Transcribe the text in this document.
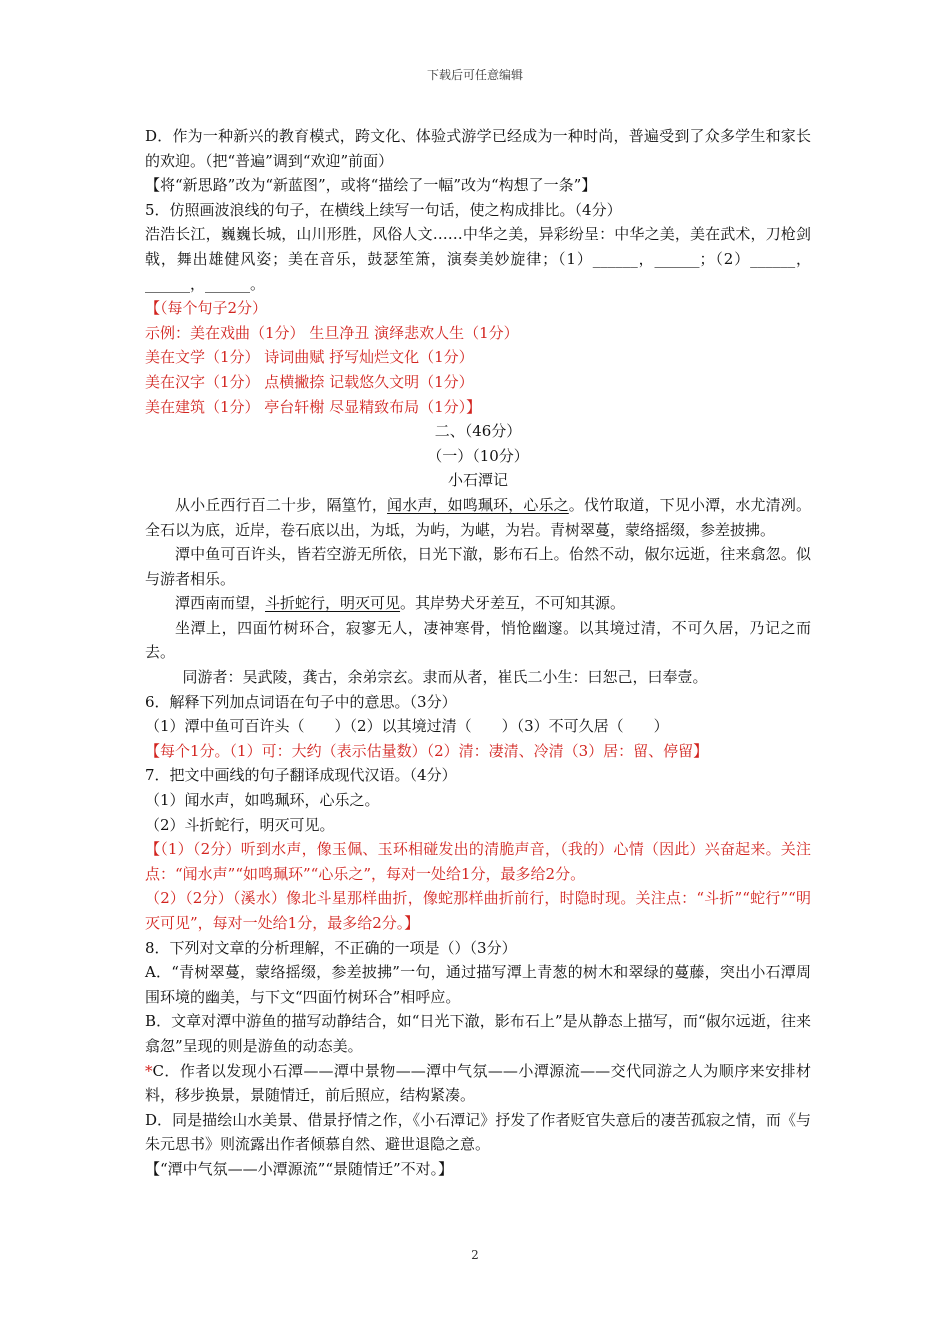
下载后可任意编辑

D．作为一种新兴的教育模式，跨文化、体验式游学已经成为一种时尚，普遍受到了众多学生和家长的欢迎。（把“普遍”调到“欢迎”前面）

【将“新思路”改为“新蓝图”，或将“描绘了一幅”改为“构想了一条”】

5．仿照画波浪线的句子，在横线上续写一句话，使之构成排比。（4分）

浩浩长江，巍巍长城，山川形胜，风俗人文……中华之美，异彩纷呈：中华之美，美在武术，刀枪剑戟，舞出雄健风姿；美在音乐，鼓瑟笙箫，演奏美妙旋律；（1）______，______；（2）______，______，______。

【（每个句子2分）

示例：美在戏曲（1分） 生旦净丑 演绎悲欢人生（1分）

美在文学（1分） 诗词曲赋 抒写灿烂文化（1分）

美在汉字（1分） 点横撇捺 记载悠久文明（1分）

美在建筑（1分） 亭台轩榭 尽显精致布局（1分）】

二、（46分）

（一）（10分）

小石潭记

从小丘西行百二十步，隔篁竹，闻水声，如鸣珮环，心乐之。伐竹取道，下见小潭，水尤清冽。全石以为底，近岸，卷石底以出，为坻，为屿，为嵁，为岩。青树翠蔓，蒙络摇缀，参差披拂。

潭中鱼可百许头，皆若空游无所依，日光下澈，影布石上。佁然不动，俶尔远逝，往来翕忽。似与游者相乐。

潭西南而望，斗折蛇行，明灭可见。其岸势犬牙差互，不可知其源。

坐潭上，四面竹树环合，寂寥无人，凄神寒骨，悄怆幽邃。以其境过清，不可久居，乃记之而去。

同游者：吴武陵，龚古，余弟宗玄。隶而从者，崔氏二小生：曰恕己，曰奉壹。

6．解释下列加点词语在句子中的意思。（3分）

（1）潭中鱼可百许头（　　）（2）以其境过清（　　）（3）不可久居（　　）

【每个1分。（1）可：大约（表示估量数）（2）清：凄清、冷清（3）居：留、停留】

7．把文中画线的句子翻译成现代汉语。（4分）

（1）闻水声，如鸣珮环，心乐之。

（2）斗折蛇行，明灭可见。

【（1）（2分）听到水声，像玉佩、玉环相碰发出的清脆声音，（我的）心情（因此）兴奋起来。关注点：“闻水声”“如鸣珮环”“心乐之”，每对一处给1分，最多给2分。

（2）（2分）（溪水）像北斗星那样曲折，像蛇那样曲折前行，时隐时现。关注点：“斗折”“蛇行”“明灭可见”，每对一处给1分，最多给2分。】

8．下列对文章的分析理解，不正确的一项是（）（3分）

A．“青树翠蔓，蒙络摇缀，参差披拂”一句，通过描写潭上青葱的树木和翠绿的蔓藤，突出小石潭周围环境的幽美，与下文“四面竹树环合”相呼应。

B．文章对潭中游鱼的描写动静结合，如“日光下澈，影布石上”是从静态上描写，而“俶尔远逝，往来翕忽”呈现的则是游鱼的动态美。

*C．作者以发现小石潭——潭中景物——潭中气氛——小潭源流——交代同游之人为顺序来安排材料，移步换景，景随情迁，前后照应，结构紧凑。

D．同是描绘山水美景、借景抒情之作，《小石潭记》抒发了作者贬官失意后的凄苦孤寂之情，而《与朱元思书》则流露出作者倾慕自然、避世退隐之意。

【“潭中气氛——小潭源流”“景随情迁”不对。】

2
